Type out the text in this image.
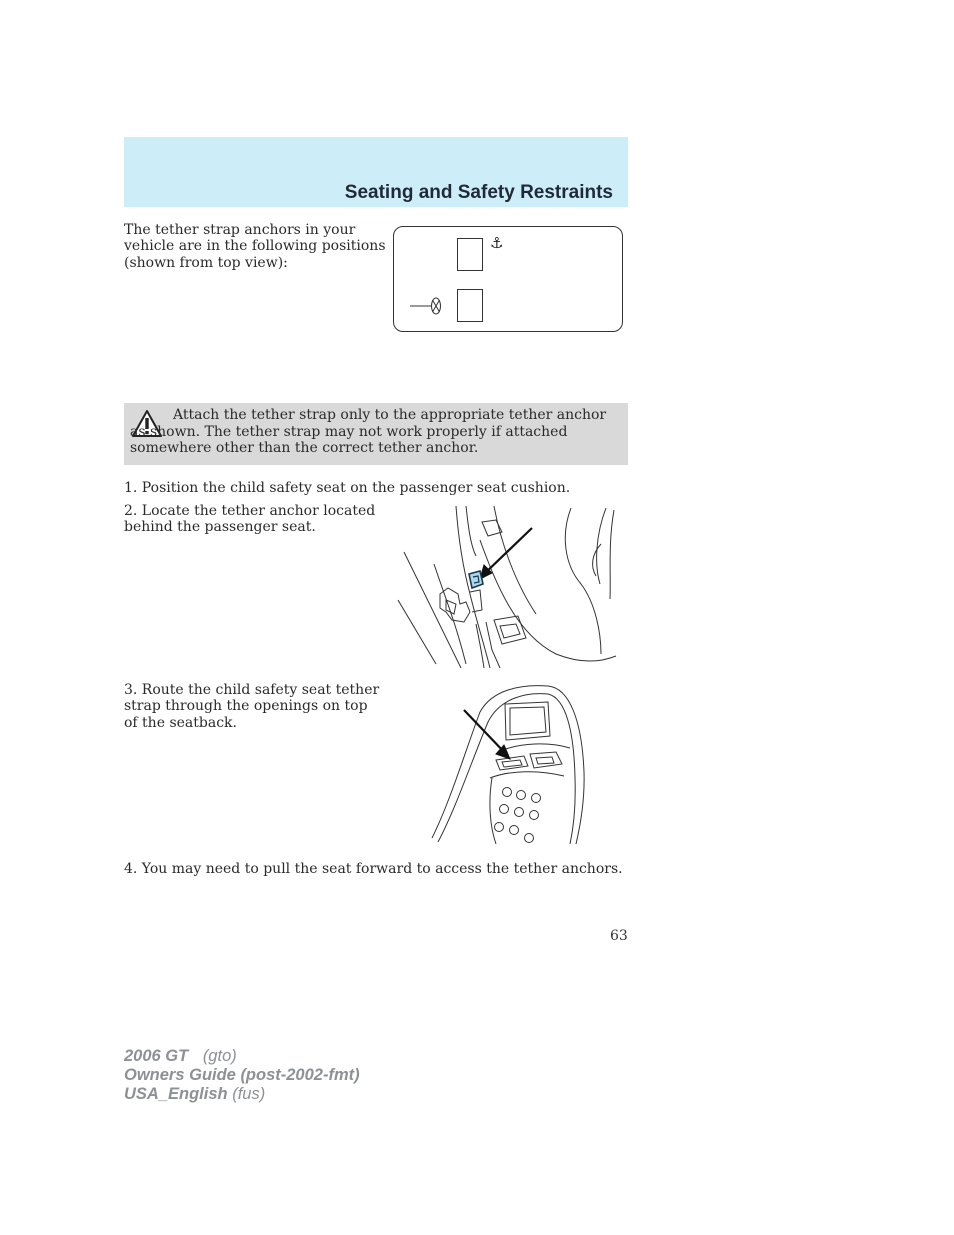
Seating and Safety Restraints
The tether strap anchors in your
vehicle are in the following positions
(shown from top view):
⚓
Attach the tether strap only to the appropriate tether anchor as shown. The tether strap may not work properly if attached somewhere other than the correct tether anchor.
1. Position the child safety seat on the passenger seat cushion.
2. Locate the tether anchor located
behind the passenger seat.
3. Route the child safety seat tether
strap through the openings on top
of the seatback.
4. You may need to pull the seat forward to access the tether anchors.
63
2006 GT (gto)
Owners Guide (post-2002-fmt)
USA_English (fus)
